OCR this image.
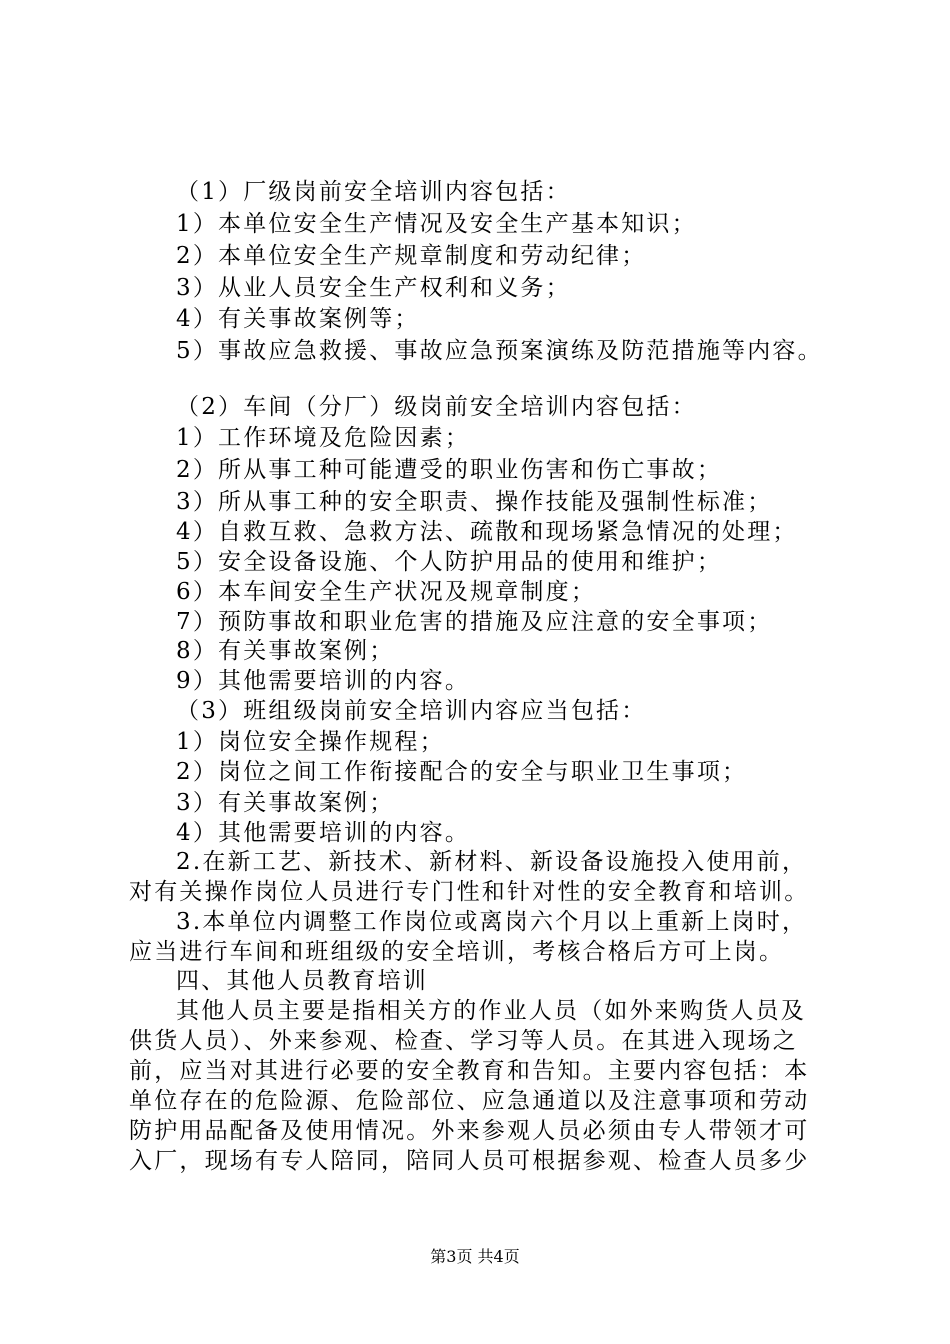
（1）厂级岗前安全培训内容包括：
1）本单位安全生产情况及安全生产基本知识；
2）本单位安全生产规章制度和劳动纪律；
3）从业人员安全生产权利和义务；
4）有关事故案例等；
5）事故应急救援、事故应急预案演练及防范措施等内容。
（2）车间（分厂）级岗前安全培训内容包括：
1）工作环境及危险因素；
2）所从事工种可能遭受的职业伤害和伤亡事故；
3）所从事工种的安全职责、操作技能及强制性标准；
4）自救互救、急救方法、疏散和现场紧急情况的处理；
5）安全设备设施、个人防护用品的使用和维护；
6）本车间安全生产状况及规章制度；
7）预防事故和职业危害的措施及应注意的安全事项；
8）有关事故案例；
9）其他需要培训的内容。
（3）班组级岗前安全培训内容应当包括：
1）岗位安全操作规程；
2）岗位之间工作衔接配合的安全与职业卫生事项；
3）有关事故案例；
4）其他需要培训的内容。
2.在新工艺、新技术、新材料、新设备设施投入使用前，
对有关操作岗位人员进行专门性和针对性的安全教育和培训。
3.本单位内调整工作岗位或离岗六个月以上重新上岗时，
应当进行车间和班组级的安全培训，考核合格后方可上岗。
四、其他人员教育培训
其他人员主要是指相关方的作业人员（如外来购货人员及
供货人员）、外来参观、检查、学习等人员。在其进入现场之
前，应当对其进行必要的安全教育和告知。主要内容包括：本
单位存在的危险源、危险部位、应急通道以及注意事项和劳动
防护用品配备及使用情况。外来参观人员必须由专人带领才可
入厂，现场有专人陪同，陪同人员可根据参观、检查人员多少
第3页 共4页
